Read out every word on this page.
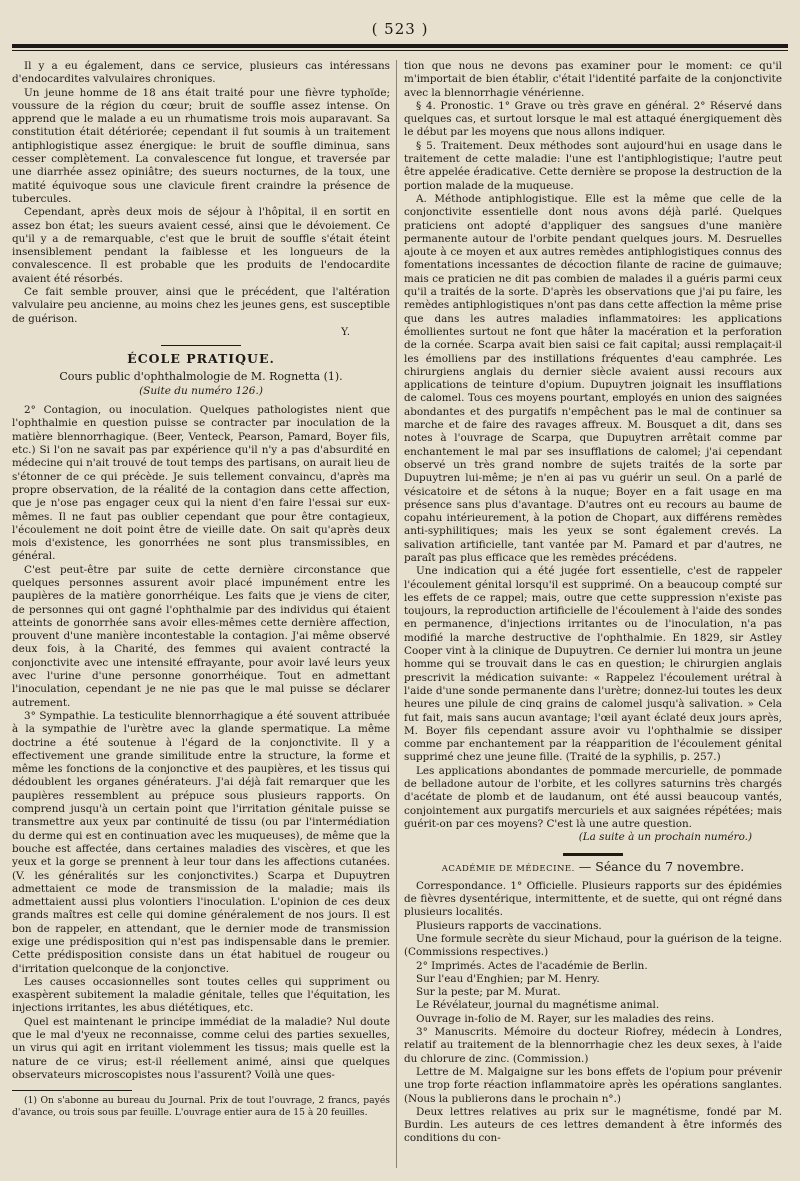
( 523 )

Il y a eu également, dans ce service, plusieurs cas intéressans d'endocardites valvulaires chroniques.

Un jeune homme de 18 ans était traité pour une fièvre typhoïde; voussure de la région du cœur; bruit de souffle assez intense. On apprend que le malade a eu un rhumatisme trois mois auparavant. Sa constitution était détériorée; cependant il fut soumis à un traitement antiphlogistique assez énergique: le bruit de souffle diminua, sans cesser complètement. La convalescence fut longue, et traversée par une diarrhée assez opiniâtre; des sueurs nocturnes, de la toux, une matité équivoque sous une clavicule firent craindre la présence de tubercules.

Cependant, après deux mois de séjour à l'hôpital, il en sortit en assez bon état; les sueurs avaient cessé, ainsi que le dévoiement. Ce qu'il y a de remarquable, c'est que le bruit de souffle s'était éteint insensiblement pendant la faiblesse et les longueurs de la convalescence. Il est probable que les produits de l'endocardite avaient été résorbés.

Ce fait semble prouver, ainsi que le précédent, que l'altération valvulaire peu ancienne, au moins chez les jeunes gens, est susceptible de guérison.

Y.

ÉCOLE PRATIQUE.

Cours public d'ophthalmologie de M. Rognetta (1).

(Suite du numéro 126.)

2° Contagion, ou inoculation. Quelques pathologistes nient que l'ophthalmie en question puisse se contracter par inoculation de la matière blennorrhagique. (Beer, Venteck, Pearson, Pamard, Boyer fils, etc.) Si l'on ne savait pas par expérience qu'il n'y a pas d'absurdité en médecine qui n'ait trouvé de tout temps des partisans, on aurait lieu de s'étonner de ce qui précède. Je suis tellement convaincu, d'après ma propre observation, de la réalité de la contagion dans cette affection, que je n'ose pas engager ceux qui la nient d'en faire l'essai sur eux-mêmes. Il ne faut pas oublier cependant que pour être contagieux, l'écoulement ne doit point être de vieille date. On sait qu'après deux mois d'existence, les gonorrhées ne sont plus transmissibles, en général.

C'est peut-être par suite de cette dernière circonstance que quelques personnes assurent avoir placé impunément entre les paupières de la matière gonorrhéique. Les faits que je viens de citer, de personnes qui ont gagné l'ophthalmie par des individus qui étaient atteints de gonorrhée sans avoir elles-mêmes cette dernière affection, prouvent d'une manière incontestable la contagion. J'ai même observé deux fois, à la Charité, des femmes qui avaient contracté la conjonctivite avec une intensité effrayante, pour avoir lavé leurs yeux avec l'urine d'une personne gonorrhéique. Tout en admettant l'inoculation, cependant je ne nie pas que le mal puisse se déclarer autrement.

3° Sympathie. La testiculite blennorrhagique a été souvent attribuée à la sympathie de l'urètre avec la glande spermatique. La même doctrine a été soutenue à l'égard de la conjonctivite. Il y a effectivement une grande similitude entre la structure, la forme et même les fonctions de la conjonctive et des paupières, et les tissus qui dédoublent les organes générateurs. J'ai déjà fait remarquer que les paupières ressemblent au prépuce sous plusieurs rapports. On comprend jusqu'à un certain point que l'irritation génitale puisse se transmettre aux yeux par continuité de tissu (ou par l'intermédiation du derme qui est en continuation avec les muqueuses), de même que la bouche est affectée, dans certaines maladies des viscères, et que les yeux et la gorge se prennent à leur tour dans les affections cutanées. (V. les généralités sur les conjonctivites.) Scarpa et Dupuytren admettaient ce mode de transmission de la maladie; mais ils admettaient aussi plus volontiers l'inoculation. L'opinion de ces deux grands maîtres est celle qui domine généralement de nos jours. Il est bon de rappeler, en attendant, que le dernier mode de transmission exige une prédisposition qui n'est pas indispensable dans le premier. Cette prédisposition consiste dans un état habituel de rougeur ou d'irritation quelconque de la conjonctive.

Les causes occasionnelles sont toutes celles qui suppriment ou exaspèrent subitement la maladie génitale, telles que l'équitation, les injections irritantes, les abus diététiques, etc.

Quel est maintenant le principe immédiat de la maladie? Nul doute que le mal d'yeux ne reconnaisse, comme celui des parties sexuelles, un virus qui agit en irritant violemment les tissus; mais quelle est la nature de ce virus; est-il réellement animé, ainsi que quelques observateurs microscopistes nous l'assurent? Voilà une ques-

(1) On s'abonne au bureau du Journal. Prix de tout l'ouvrage, 2 francs, payés d'avance, ou trois sous par feuille. L'ouvrage entier aura de 15 à 20 feuilles.

tion que nous ne devons pas examiner pour le moment: ce qu'il m'importait de bien établir, c'était l'identité parfaite de la conjonctivite avec la blennorrhagie vénérienne.

§ 4. Pronostic. 1° Grave ou très grave en général. 2° Réservé dans quelques cas, et surtout lorsque le mal est attaqué énergiquement dès le début par les moyens que nous allons indiquer.

§ 5. Traitement. Deux méthodes sont aujourd'hui en usage dans le traitement de cette maladie: l'une est l'antiphlogistique; l'autre peut être appelée éradicative. Cette dernière se propose la destruction de la portion malade de la muqueuse.

A. Méthode antiphlogistique. Elle est la même que celle de la conjonctivite essentielle dont nous avons déjà parlé. Quelques praticiens ont adopté d'appliquer des sangsues d'une manière permanente autour de l'orbite pendant quelques jours. M. Desruelles ajoute à ce moyen et aux autres remèdes antiphlogistiques connus des fomentations incessantes de décoction filante de racine de guimauve; mais ce praticien ne dit pas combien de malades il a guéris parmi ceux qu'il a traités de la sorte. D'après les observations que j'ai pu faire, les remèdes antiphlogistiques n'ont pas dans cette affection la même prise que dans les autres maladies inflammatoires: les applications émollientes surtout ne font que hâter la macération et la perforation de la cornée. Scarpa avait bien saisi ce fait capital; aussi remplaçait-il les émolliens par des instillations fréquentes d'eau camphrée. Les chirurgiens anglais du dernier siècle avaient aussi recours aux applications de teinture d'opium. Dupuytren joignait les insufflations de calomel. Tous ces moyens pourtant, employés en union des saignées abondantes et des purgatifs n'empêchent pas le mal de continuer sa marche et de faire des ravages affreux. M. Bousquet a dit, dans ses notes à l'ouvrage de Scarpa, que Dupuytren arrêtait comme par enchantement le mal par ses insufflations de calomel; j'ai cependant observé un très grand nombre de sujets traités de la sorte par Dupuytren lui-même; je n'en ai pas vu guérir un seul. On a parlé de vésicatoire et de sétons à la nuque; Boyer en a fait usage en ma présence sans plus d'avantage. D'autres ont eu recours au baume de copahu intérieurement, à la potion de Chopart, aux différens remèdes anti-syphilitiques; mais les yeux se sont également crevés. La salivation artificielle, tant vantée par M. Pamard et par d'autres, ne paraît pas plus efficace que les remèdes précédens.

Une indication qui a été jugée fort essentielle, c'est de rappeler l'écoulement génital lorsqu'il est supprimé. On a beaucoup compté sur les effets de ce rappel; mais, outre que cette suppression n'existe pas toujours, la reproduction artificielle de l'écoulement à l'aide des sondes en permanence, d'injections irritantes ou de l'inoculation, n'a pas modifié la marche destructive de l'ophthalmie. En 1829, sir Astley Cooper vint à la clinique de Dupuytren. Ce dernier lui montra un jeune homme qui se trouvait dans le cas en question; le chirurgien anglais prescrivit la médication suivante: « Rappelez l'écoulement urétral à l'aide d'une sonde permanente dans l'urètre; donnez-lui toutes les deux heures une pilule de cinq grains de calomel jusqu'à salivation. » Cela fut fait, mais sans aucun avantage; l'œil ayant éclaté deux jours après, M. Boyer fils cependant assure avoir vu l'ophthalmie se dissiper comme par enchantement par la réapparition de l'écoulement génital supprimé chez une jeune fille. (Traité de la syphilis, p. 257.)

Les applications abondantes de pommade mercurielle, de pommade de belladone autour de l'orbite, et les collyres saturnins très chargés d'acétate de plomb et de laudanum, ont été aussi beaucoup vantés, conjointement aux purgatifs mercuriels et aux saignées répétées; mais guérit-on par ces moyens? C'est là une autre question.

(La suite à un prochain numéro.)

ACADÉMIE DE MÉDECINE. — Séance du 7 novembre.

Correspondance. 1° Officielle. Plusieurs rapports sur des épidémies de fièvres dysentérique, intermittente, et de suette, qui ont régné dans plusieurs localités.

Plusieurs rapports de vaccinations.

Une formule secrète du sieur Michaud, pour la guérison de la teigne. (Commissions respectives.)

2° Imprimés. Actes de l'académie de Berlin.

Sur l'eau d'Enghien; par M. Henry.

Sur la peste; par M. Murat.

Le Révélateur, journal du magnétisme animal.

Ouvrage in-folio de M. Rayer, sur les maladies des reins.

3° Manuscrits. Mémoire du docteur Riofrey, médecin à Londres, relatif au traitement de la blennorrhagie chez les deux sexes, à l'aide du chlorure de zinc. (Commission.)

Lettre de M. Malgaigne sur les bons effets de l'opium pour prévenir une trop forte réaction inflammatoire après les opérations sanglantes. (Nous la publierons dans le prochain n°.)

Deux lettres relatives au prix sur le magnétisme, fondé par M. Burdin. Les auteurs de ces lettres demandent à être informés des conditions du con-
